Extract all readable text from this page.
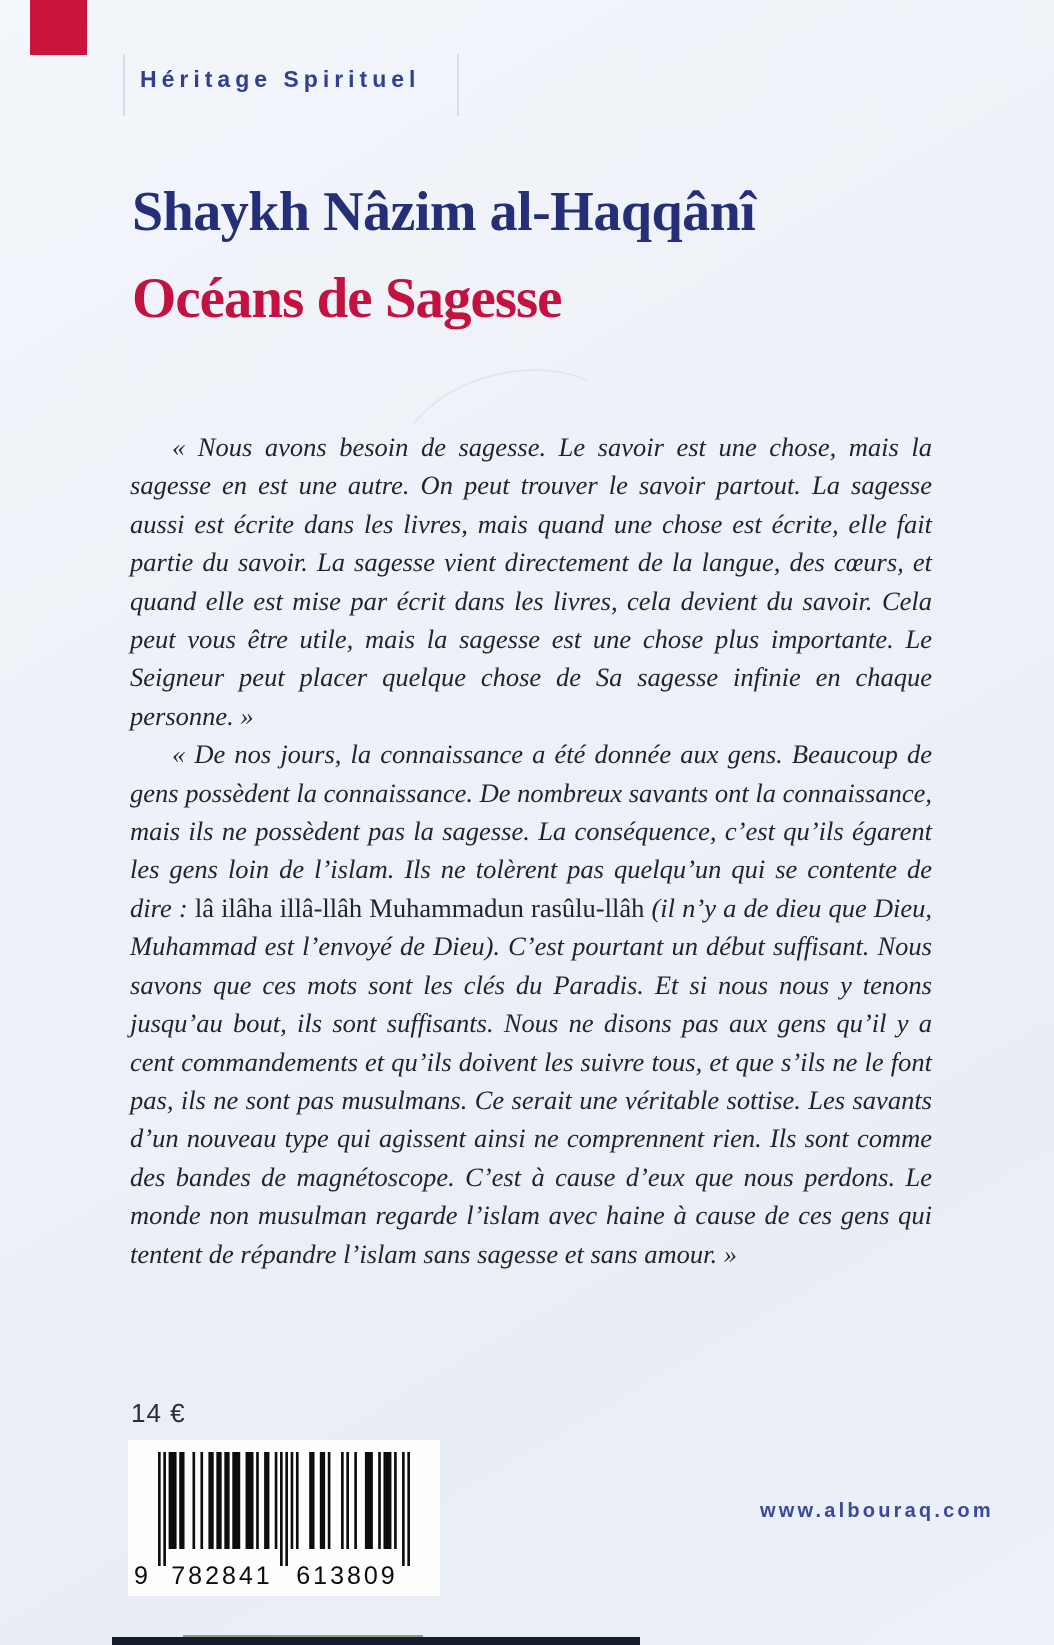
Héritage Spirituel
Shaykh Nâzim al-Haqqânî
Océans de Sagesse

« Nous avons besoin de sagesse. Le savoir est une chose, mais la sagesse en est une autre. On peut trouver le savoir partout. La sagesse aussi est écrite dans les livres, mais quand une chose est écrite, elle fait partie du savoir. La sagesse vient directement de la langue, des cœurs, et quand elle est mise par écrit dans les livres, cela devient du savoir. Cela peut vous être utile, mais la sagesse est une chose plus importante. Le Seigneur peut placer quelque chose de Sa sagesse infinie en chaque personne. »

« De nos jours, la connaissance a été donnée aux gens. Beaucoup de gens possèdent la connaissance. De nombreux savants ont la connaissance, mais ils ne possèdent pas la sagesse. La conséquence, c’est qu’ils égarent les gens loin de l’islam. Ils ne tolèrent pas quelqu’un qui se contente de dire : lâ ilâha illâ-llâh Muhammadun rasûlu-llâh (il n’y a de dieu que Dieu, Muhammad est l’envoyé de Dieu). C’est pourtant un début suffisant. Nous savons que ces mots sont les clés du Paradis. Et si nous nous y tenons jusqu’au bout, ils sont suffisants. Nous ne disons pas aux gens qu’il y a cent commandements et qu’ils doivent les suivre tous, et que s’ils ne le font pas, ils ne sont pas musulmans. Ce serait une véritable sottise. Les savants d’un nouveau type qui agissent ainsi ne comprennent rien. Ils sont comme des bandes de magnétoscope. C’est à cause d’eux que nous perdons. Le monde non musulman regarde l’islam avec haine à cause de ces gens qui tentent de répandre l’islam sans sagesse et sans amour. »

14 €
9 782841 613809
www.albouraq.com
